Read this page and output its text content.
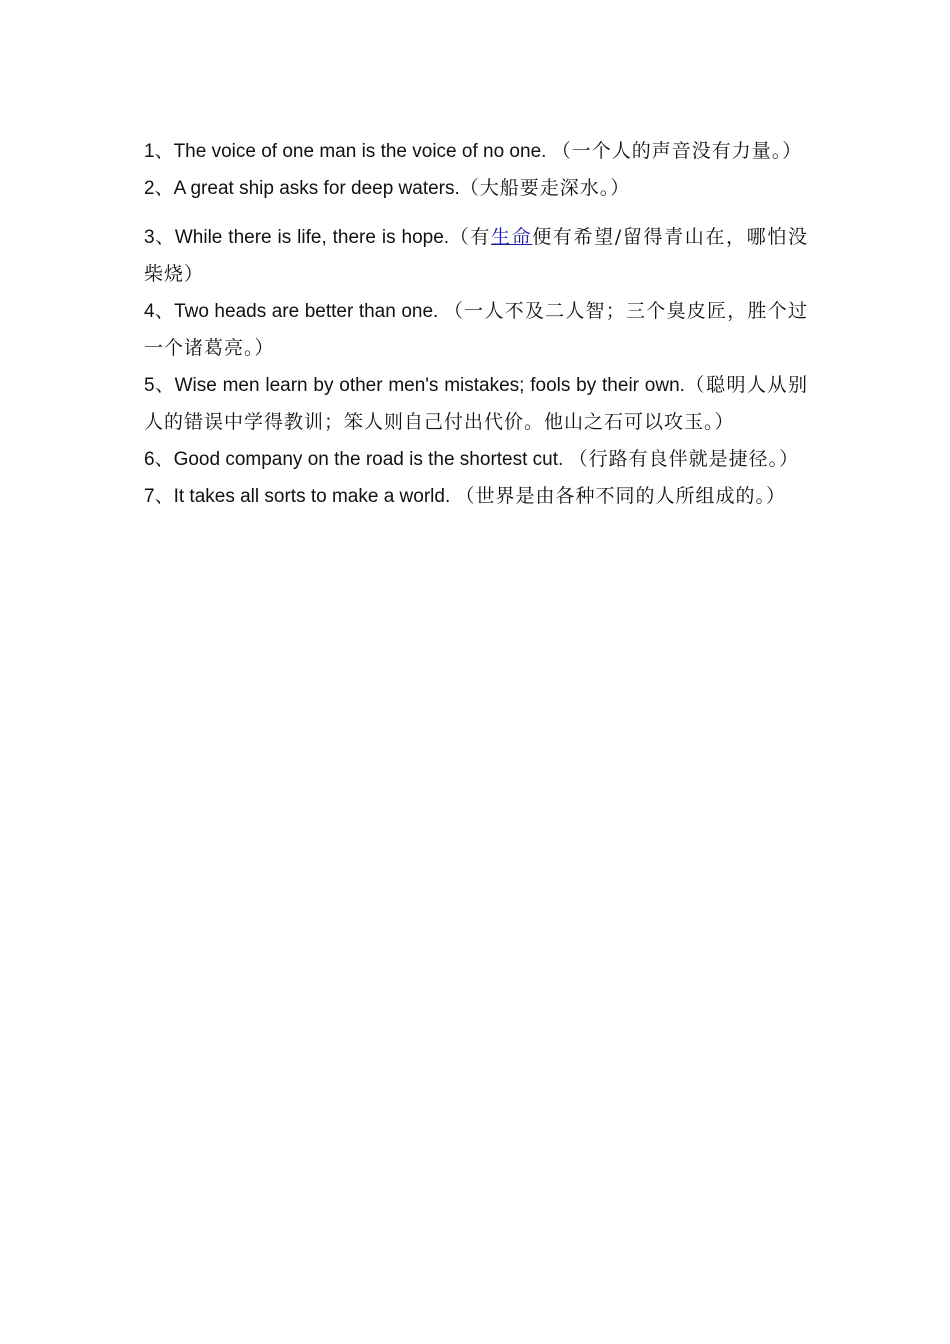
1、The voice of one man is the voice of no one. （一个人的声音没有力量。）

2、A great ship asks for deep waters.（大船要走深水。）

3、While there is life, there is hope.（有生命便有希望/留得青山在，哪怕没柴烧）

4、Two heads are better than one. （一人不及二人智；三个臭皮匠，胜个过一个诸葛亮。）

5、Wise men learn by other men's mistakes; fools by their own.（聪明人从别人的错误中学得教训；笨人则自己付出代价。他山之石可以攻玉。）

6、Good company on the road is the shortest cut. （行路有良伴就是捷径。）

7、It takes all sorts to make a world. （世界是由各种不同的人所组成的。）
